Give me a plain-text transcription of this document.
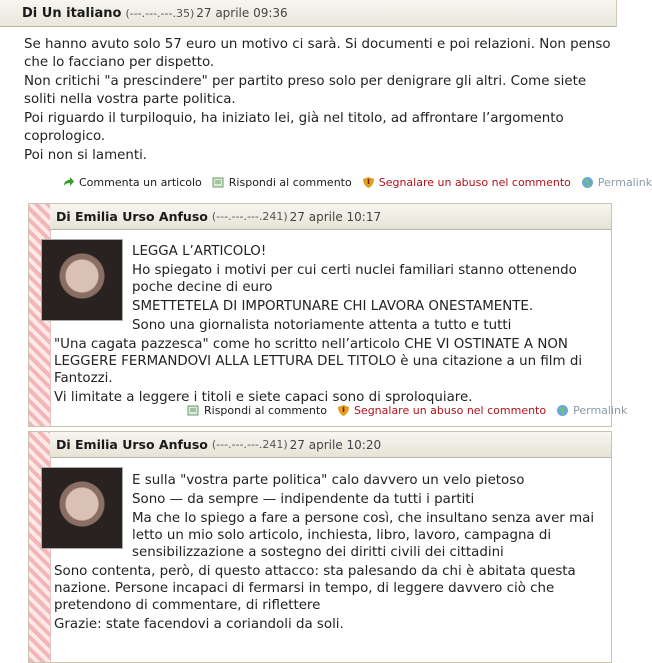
Di Un italiano (---.---.---.35) 27 aprile 09:36

Se hanno avuto solo 57 euro un motivo ci sarà. Si documenti e poi relazioni. Non penso che lo facciano per dispetto.

Non critichi "a prescindere" per partito preso solo per denigrare gli altri. Come siete soliti nella vostra parte politica.

Poi riguardo il turpiloquio, ha iniziato lei, già nel titolo, ad affrontare l’argomento coprologico.

Poi non si lamenti.

Commenta un articolo Rispondi al commento Segnalare un abuso nel commento Permalink
Di Emilia Urso Anfuso (---.---.---.241) 27 aprile 10:17

LEGGA L’ARTICOLO!

Ho spiegato i motivi per cui certi nuclei familiari stanno ottenendo poche decine di euro

SMETTETELA DI IMPORTUNARE CHI LAVORA ONESTAMENTE.

Sono una giornalista notoriamente attenta a tutto e tutti

"Una cagata pazzesca" come ho scritto nell’articolo CHE VI OSTINATE A NON LEGGERE FERMANDOVI ALLA LETTURA DEL TITOLO è una citazione a un film di Fantozzi.

Vi limitate a leggere i titoli e siete capaci sono di sproloquiare.

Rispondi al commento Segnalare un abuso nel commento Permalink
Di Emilia Urso Anfuso (---.---.---.241) 27 aprile 10:20

E sulla "vostra parte politica" calo davvero un velo pietoso

Sono — da sempre — indipendente da tutti i partiti

Ma che lo spiego a fare a persone così, che insultano senza aver mai letto un mio solo articolo, inchiesta, libro, lavoro, campagna di sensibilizzazione a sostegno dei diritti civili dei cittadini

Sono contenta, però, di questo attacco: sta palesando da chi è abitata questa nazione. Persone incapaci di fermarsi in tempo, di leggere davvero ciò che pretendono di commentare, di riflettere

Grazie: state facendovi a coriandoli da soli.
